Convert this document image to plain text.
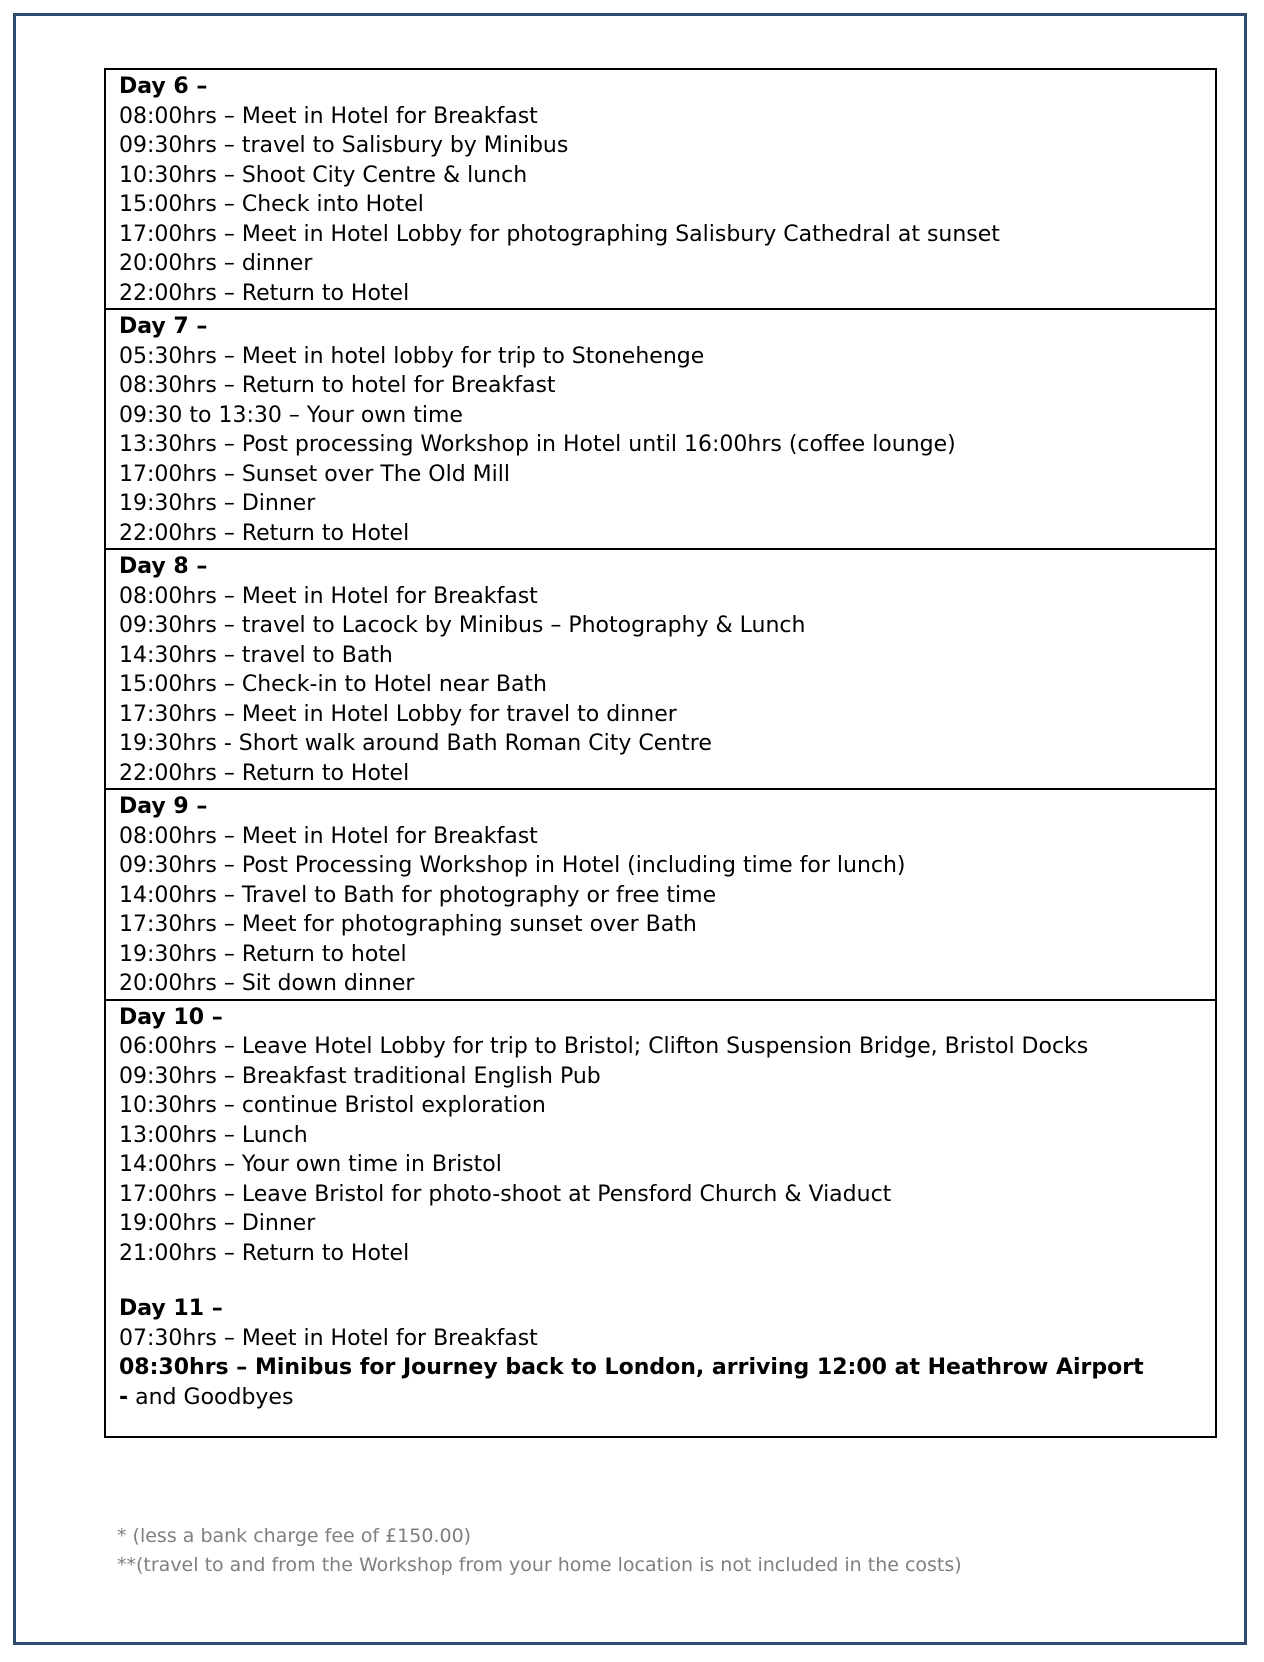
Day 6 –
08:00hrs – Meet in Hotel for Breakfast
09:30hrs – travel to Salisbury by Minibus
10:30hrs – Shoot City Centre & lunch
15:00hrs – Check into Hotel
17:00hrs – Meet in Hotel Lobby for photographing Salisbury Cathedral at sunset
20:00hrs – dinner
22:00hrs – Return to Hotel
Day 7 –
05:30hrs – Meet in hotel lobby for trip to Stonehenge
08:30hrs – Return to hotel for Breakfast
09:30 to 13:30 – Your own time
13:30hrs – Post processing Workshop in Hotel until 16:00hrs (coffee lounge)
17:00hrs – Sunset over The Old Mill
19:30hrs – Dinner
22:00hrs – Return to Hotel
Day 8 –
08:00hrs – Meet in Hotel for Breakfast
09:30hrs – travel to Lacock by Minibus – Photography & Lunch
14:30hrs – travel to Bath
15:00hrs – Check-in to Hotel near Bath
17:30hrs – Meet in Hotel Lobby for travel to dinner
19:30hrs - Short walk around Bath Roman City Centre
22:00hrs – Return to Hotel
Day 9 –
08:00hrs – Meet in Hotel for Breakfast
09:30hrs – Post Processing Workshop in Hotel (including time for lunch)
14:00hrs – Travel to Bath for photography or free time
17:30hrs – Meet for photographing sunset over Bath
19:30hrs – Return to hotel
20:00hrs – Sit down dinner
Day 10 –
06:00hrs – Leave Hotel Lobby for trip to Bristol; Clifton Suspension Bridge, Bristol Docks
09:30hrs – Breakfast traditional English Pub
10:30hrs – continue Bristol exploration
13:00hrs – Lunch
14:00hrs – Your own time in Bristol
17:00hrs – Leave Bristol for photo-shoot at Pensford Church & Viaduct
19:00hrs – Dinner
21:00hrs – Return to Hotel
Day 11 –
07:30hrs – Meet in Hotel for Breakfast
08:30hrs – Minibus for Journey back to London, arriving 12:00 at Heathrow Airport - and Goodbyes
* (less a bank charge fee of £150.00)
**(travel to and from the Workshop from your home location is not included in the costs)
